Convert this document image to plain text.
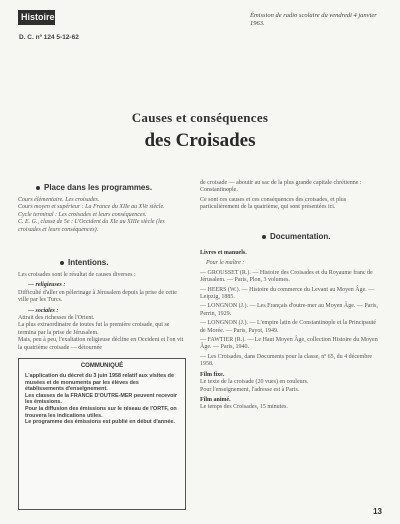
Histoire
D. C. nº 124 5-12-62
Émission de radio scolaire du vendredi 4 janvier 1963.
Causes et conséquences
des Croisades
Place dans les programmes.
Cours élémentaire. Les croisades.
Cours moyen et supérieur : La France du XIIe au XVe siècle.
Cycle terminal : Les croisades et leurs conséquences.
C. E. G., classe de 5e : L'Occident du XIe au XIIIe siècle (les croisades et leurs conséquences).
Intentions.
Les croisades sont le résultat de causes diverses :
— religieuses :
Difficulté d'aller en pèlerinage à Jérusalem depuis la prise de cette ville par les Turcs.
— sociales :
Attrait des richesses de l'Orient.
La plus extraordinaire de toutes fut la première croisade, qui se termina par la prise de Jérusalem.
Mais, peu à peu, l'exaltation religieuse décline en Occident et l'on vit la quatrième croisade — détournée
COMMUNIQUÉ
L'application du décret du 3 juin 1958 relatif aux visites de musées et de monuments par les élèves des établissements d'enseignement.
Les classes de la FRANCE D'OUTRE-MER peuvent recevoir les émissions.
Pour la diffusion des émissions sur le réseau de l'ORTF, on trouvera les indications utiles.
Le programme des émissions est publié en début d'année.
de croisade — aboutir au sac de la plus grande capitale chrétienne : Constantinople.
Ce sont ces causes et ces conséquences des croisades, et plus particulièrement de la quatrième, qui sont présentées ici.
Documentation.
Livres et manuels.
Pour le maître :
— GROUSSET (R.). — Histoire des Croisades et du Royaume franc de Jérusalem. — Paris, Plon, 3 volumes.
— HEERS (W.). — Histoire du commerce du Levant au Moyen Âge. — Leipzig, 1885.
— LONGNON (J.). — Les Français d'outre-mer au Moyen Âge. — Paris, Perrin, 1929.
— LONGNON (J.). — L'empire latin de Constantinople et la Principauté de Morée. — Paris, Payot, 1949.
— FAWTIER (R.). — Le Haut Moyen Âge, collection Histoire du Moyen Âge. — Paris, 1940.
— Les Croisades, dans Documents pour la classe, nº 65, du 4 décembre 1958.
Film fixe.
Le texte de la croisade (20 vues) en couleurs.
Pour l'enseignement, l'adresse est à Paris.
Film animé.
Le temps des Croisades, 15 minutes.
13
